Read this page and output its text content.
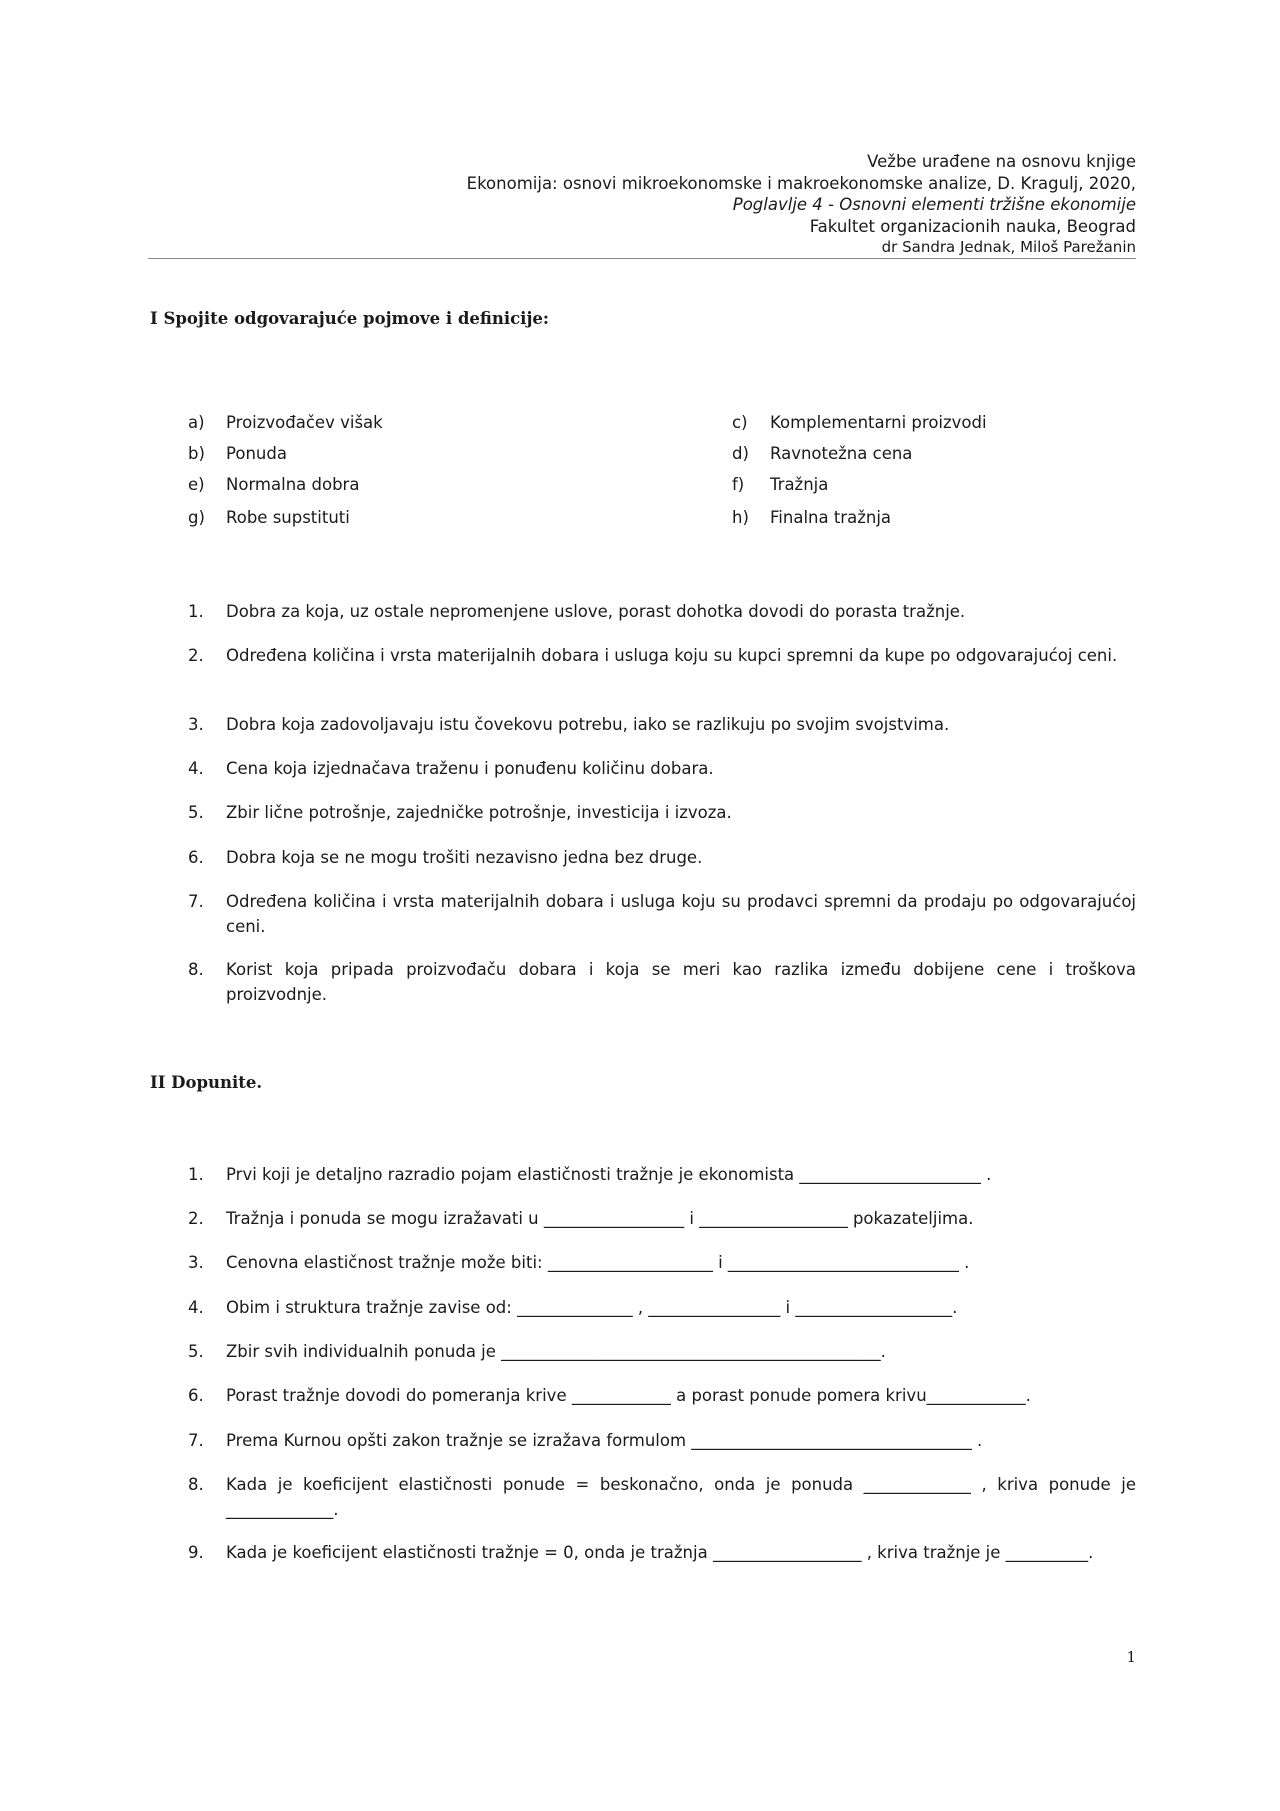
Vežbe urađene na osnovu knjige
Ekonomija: osnovi mikroekonomske i makroekonomske analize, D. Kragulj, 2020,
Poglavlje 4 - Osnovni elementi tržišne ekonomije
Fakultet organizacionih nauka, Beograd
dr Sandra Jednak, Miloš Parežanin
I Spojite odgovarajuće pojmove i definicije:
a) Proizvođačev višak	c) Komplementarni proizvodi
b) Ponuda	d) Ravnotežna cena
e) Normalna dobra	f) Tražnja
g) Robe supstituti	h) Finalna tražnja
1.	Dobra za koja, uz ostale nepromenjene uslove, porast dohotka dovodi do porasta tražnje.
2.	Određena količina i vrsta materijalnih dobara i usluga koju su kupci spremni da kupe po odgovarajućoj ceni.
3.	Dobra koja zadovoljavaju istu čovekovu potrebu, iako se razlikuju po svojim svojstvima.
4.	Cena koja izjednačava traženu i ponuđenu količinu dobara.
5.	Zbir lične potrošnje, zajedničke potrošnje, investicija i izvoza.
6.	Dobra koja se ne mogu trošiti nezavisno jedna bez druge.
7.	Određena količina i vrsta materijalnih dobara i usluga koju su prodavci spremni da prodaju po odgovarajućoj ceni.
8.	Korist koja pripada proizvođaču dobara i koja se meri kao razlika između dobijene cene i troškova proizvodnje.
II Dopunite.
1.	Prvi koji je detaljno razradio pojam elastičnosti tražnje je ekonomista ______________________ .
2.	Tražnja i ponuda se mogu izražavati u _________________ i __________________ pokazateljima.
3.	Cenovna elastičnost tražnje može biti: ____________________ i ____________________________ .
4.	Obim i struktura tražnje zavise od: ______________ , ________________ i ___________________.
5.	Zbir svih individualnih ponuda je ______________________________________________.
6.	Porast tražnje dovodi do pomeranja krive ____________ a porast ponude pomera krivu____________.
7.	Prema Kurnou opšti zakon tražnje se izražava formulom __________________________________ .
8.	Kada je koeficijent elastičnosti ponude = beskonačno, onda je ponuda _____________ , kriva ponude je _____________.
9.	Kada je koeficijent elastičnosti tražnje = 0, onda je tražnja __________________ , kriva tražnje je __________.
1
